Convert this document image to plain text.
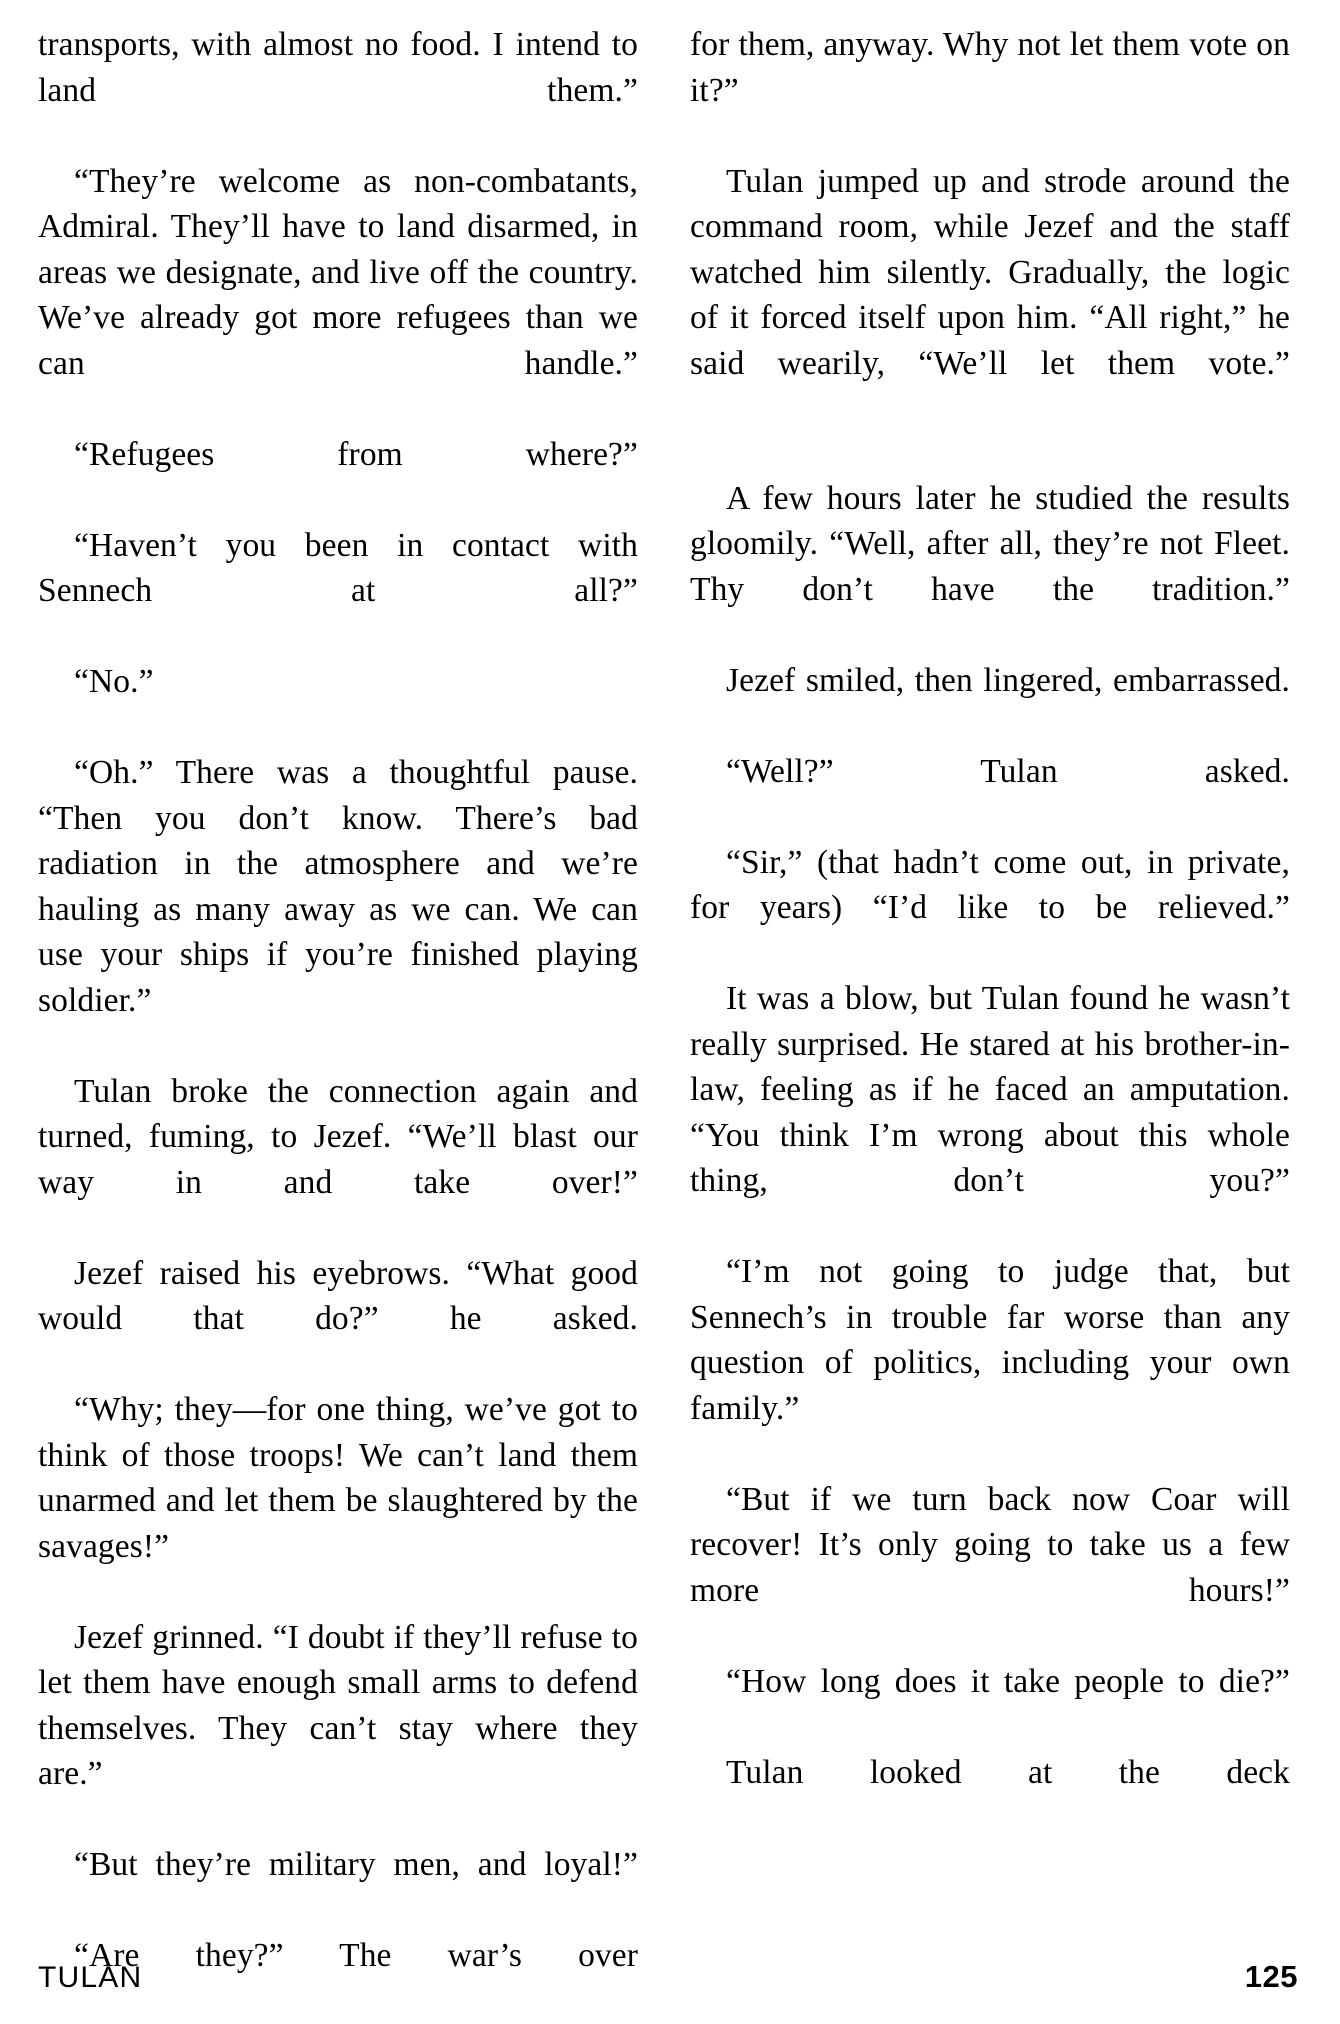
transports, with almost no food. I intend to land them.”

“They’re welcome as non-combatants, Admiral. They’ll have to land disarmed, in areas we designate, and live off the country. We’ve already got more refugees than we can handle.”

“Refugees from where?”

“Haven’t you been in contact with Sennech at all?”

“No.”

“Oh.” There was a thoughtful pause. “Then you don’t know. There’s bad radiation in the atmosphere and we’re hauling as many away as we can. We can use your ships if you’re finished playing soldier.”

Tulan broke the connection again and turned, fuming, to Jezef. “We’ll blast our way in and take over!”

Jezef raised his eyebrows. “What good would that do?” he asked.

“Why; they—for one thing, we’ve got to think of those troops! We can’t land them unarmed and let them be slaughtered by the savages!”

Jezef grinned. “I doubt if they’ll refuse to let them have enough small arms to defend themselves. They can’t stay where they are.”

“But they’re military men, and loyal!”

“Are they?” The war’s over

for them, anyway. Why not let them vote on it?”

Tulan jumped up and strode around the command room, while Jezef and the staff watched him silently. Gradually, the logic of it forced itself upon him. “All right,” he said wearily, “We’ll let them vote.”

A few hours later he studied the results gloomily. “Well, after all, they’re not Fleet. Thy don’t have the tradition.”

Jezef smiled, then lingered, embarrassed.

“Well?” Tulan asked.

“Sir,” (that hadn’t come out, in private, for years) “I’d like to be relieved.”

It was a blow, but Tulan found he wasn’t really surprised. He stared at his brother-in-law, feeling as if he faced an amputation. “You think I’m wrong about this whole thing, don’t you?”

“I’m not going to judge that, but Sennech’s in trouble far worse than any question of politics, including your own family.”

“But if we turn back now Coar will recover! It’s only going to take us a few more hours!”

“How long does it take people to die?”

Tulan looked at the deck

TULAN	125
